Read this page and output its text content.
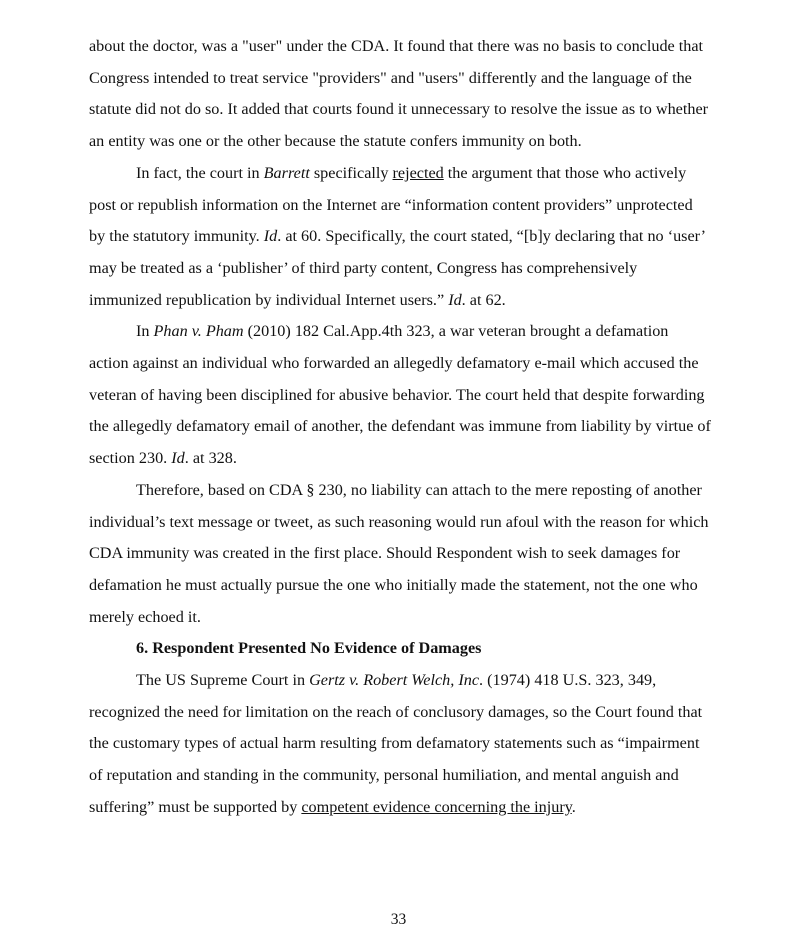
about the doctor, was a "user" under the CDA. It found that there was no basis to conclude that Congress intended to treat service "providers" and "users" differently and the language of the statute did not do so. It added that courts found it unnecessary to resolve the issue as to whether an entity was one or the other because the statute confers immunity on both.

In fact, the court in Barrett specifically rejected the argument that those who actively post or republish information on the Internet are “information content providers” unprotected by the statutory immunity. Id. at 60. Specifically, the court stated, “[b]y declaring that no ‘user’ may be treated as a ‘publisher’ of third party content, Congress has comprehensively immunized republication by individual Internet users.” Id. at 62.

In Phan v. Pham (2010) 182 Cal.App.4th 323, a war veteran brought a defamation action against an individual who forwarded an allegedly defamatory e-mail which accused the veteran of having been disciplined for abusive behavior. The court held that despite forwarding the allegedly defamatory email of another, the defendant was immune from liability by virtue of section 230. Id. at 328.

Therefore, based on CDA § 230, no liability can attach to the mere reposting of another individual’s text message or tweet, as such reasoning would run afoul with the reason for which CDA immunity was created in the first place. Should Respondent wish to seek damages for defamation he must actually pursue the one who initially made the statement, not the one who merely echoed it.

6. Respondent Presented No Evidence of Damages

The US Supreme Court in Gertz v. Robert Welch, Inc. (1974) 418 U.S. 323, 349, recognized the need for limitation on the reach of conclusory damages, so the Court found that the customary types of actual harm resulting from defamatory statements such as “impairment of reputation and standing in the community, personal humiliation, and mental anguish and suffering” must be supported by competent evidence concerning the injury.

33
